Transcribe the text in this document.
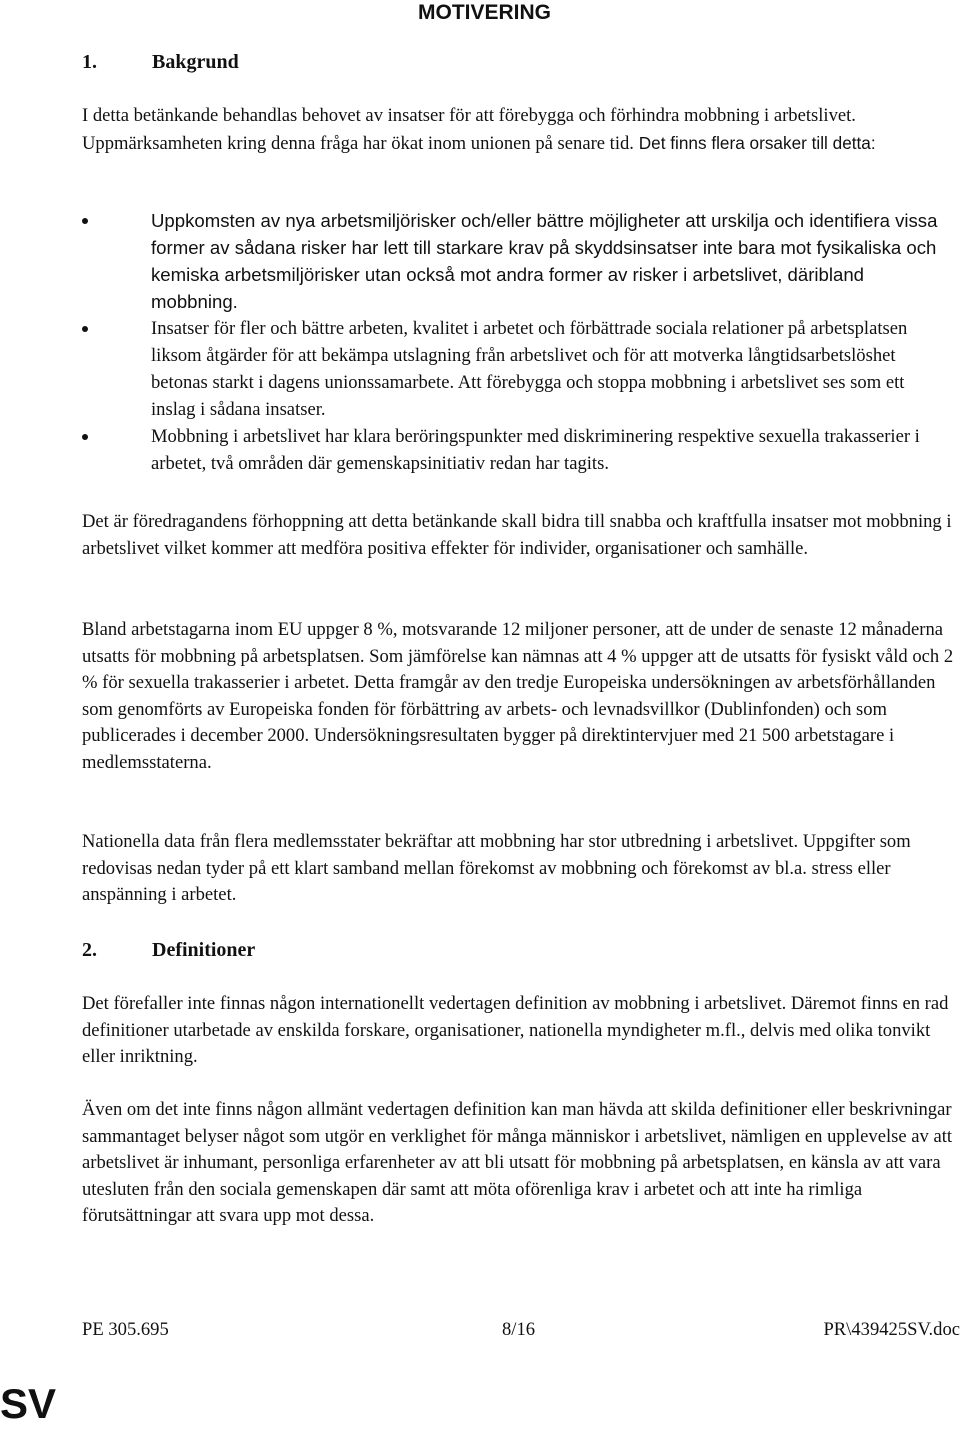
MOTIVERING
1.	Bakgrund

I detta betänkande behandlas behovet av insatser för att förebygga och förhindra mobbning i arbetslivet. Uppmärksamheten kring denna fråga har ökat inom unionen på senare tid. Det finns flera orsaker till detta:

Uppkomsten av nya arbetsmiljörisker och/eller bättre möjligheter att urskilja och identifiera vissa former av sådana risker har lett till starkare krav på skyddsinsatser inte bara mot fysikaliska och kemiska arbetsmiljörisker utan också mot andra former av risker i arbetslivet, däribland mobbning.
Insatser för fler och bättre arbeten, kvalitet i arbetet och förbättrade sociala relationer på arbetsplatsen liksom åtgärder för att bekämpa utslagning från arbetslivet och för att motverka långtidsarbetslöshet betonas starkt i dagens unionssamarbete. Att förebygga och stoppa mobbning i arbetslivet ses som ett inslag i sådana insatser.
Mobbning i arbetslivet har klara beröringspunkter med diskriminering respektive sexuella trakasserier i arbetet, två områden där gemenskapsinitiativ redan har tagits.

Det är föredragandens förhoppning att detta betänkande skall bidra till snabba och kraftfulla insatser mot mobbning i arbetslivet vilket kommer att medföra positiva effekter för individer, organisationer och samhälle.

Bland arbetstagarna inom EU uppger 8 %, motsvarande 12 miljoner personer, att de under de senaste 12 månaderna utsatts för mobbning på arbetsplatsen. Som jämförelse kan nämnas att 4 % uppger att de utsatts för fysiskt våld och 2 % för sexuella trakasserier i arbetet. Detta framgår av den tredje Europeiska undersökningen av arbetsförhållanden som genomförts av Europeiska fonden för förbättring av arbets- och levnadsvillkor (Dublinfonden) och som publicerades i december 2000. Undersökningsresultaten bygger på direktintervjuer med 21 500 arbetstagare i medlemsstaterna.

Nationella data från flera medlemsstater bekräftar att mobbning har stor utbredning i arbetslivet. Uppgifter som redovisas nedan tyder på ett klart samband mellan förekomst av mobbning och förekomst av bl.a. stress eller anspänning i arbetet.

2.	Definitioner

Det förefaller inte finnas någon internationellt vedertagen definition av mobbning i arbetslivet. Däremot finns en rad definitioner utarbetade av enskilda forskare, organisationer, nationella myndigheter m.fl., delvis med olika tonvikt eller inriktning.

Även om det inte finns någon allmänt vedertagen definition kan man hävda att skilda definitioner eller beskrivningar sammantaget belyser något som utgör en verklighet för många människor i arbetslivet, nämligen en upplevelse av att arbetslivet är inhumant, personliga erfarenheter av att bli utsatt för mobbning på arbetsplatsen, en känsla av att vara utesluten från den sociala gemenskapen där samt att möta oförenliga krav i arbetet och att inte ha rimliga förutsättningar att svara upp mot dessa.

PE 305.695	8/16	PR\439425SV.doc
SV
